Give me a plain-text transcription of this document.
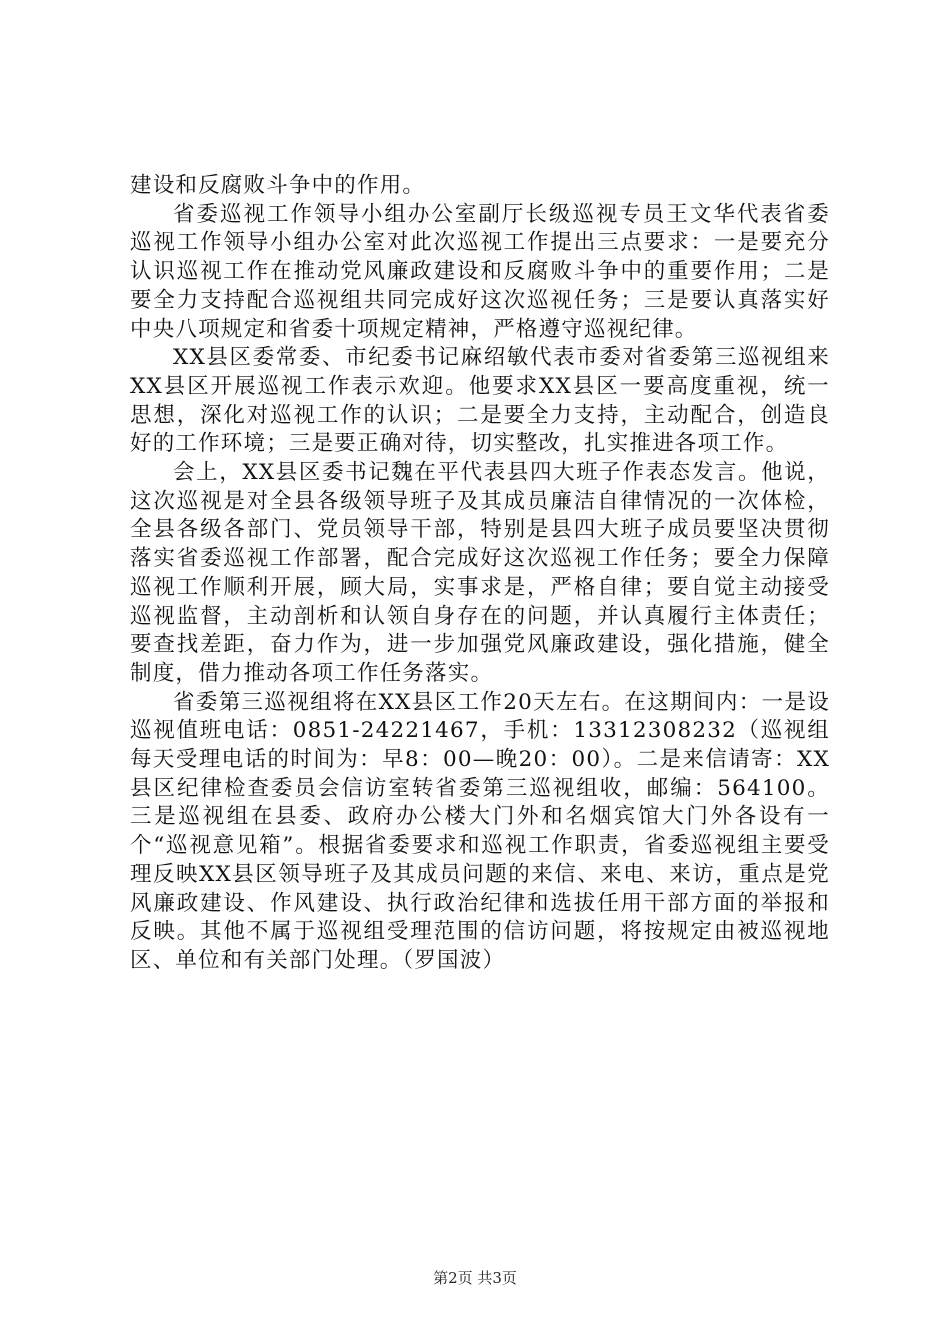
建设和反腐败斗争中的作用。

省委巡视工作领导小组办公室副厅长级巡视专员王文华代表省委巡视工作领导小组办公室对此次巡视工作提出三点要求：一是要充分认识巡视工作在推动党风廉政建设和反腐败斗争中的重要作用；二是要全力支持配合巡视组共同完成好这次巡视任务；三是要认真落实好中央八项规定和省委十项规定精神，严格遵守巡视纪律。

XX县区委常委、市纪委书记麻绍敏代表市委对省委第三巡视组来XX县区开展巡视工作表示欢迎。他要求XX县区一要高度重视，统一思想，深化对巡视工作的认识；二是要全力支持，主动配合，创造良好的工作环境；三是要正确对待，切实整改，扎实推进各项工作。

会上，XX县区委书记魏在平代表县四大班子作表态发言。他说，这次巡视是对全县各级领导班子及其成员廉洁自律情况的一次体检，全县各级各部门、党员领导干部，特别是县四大班子成员要坚决贯彻落实省委巡视工作部署，配合完成好这次巡视工作任务；要全力保障巡视工作顺利开展，顾大局，实事求是，严格自律；要自觉主动接受巡视监督，主动剖析和认领自身存在的问题，并认真履行主体责任；要查找差距，奋力作为，进一步加强党风廉政建设，强化措施，健全制度，借力推动各项工作任务落实。

省委第三巡视组将在XX县区工作20天左右。在这期间内：一是设巡视值班电话：0851-24221467，手机：13312308232（巡视组每天受理电话的时间为：早8：00—晚20：00）。二是来信请寄：XX县区纪律检查委员会信访室转省委第三巡视组收，邮编：564100。三是巡视组在县委、政府办公楼大门外和名烟宾馆大门外各设有一个“巡视意见箱”。根据省委要求和巡视工作职责，省委巡视组主要受理反映XX县区领导班子及其成员问题的来信、来电、来访，重点是党风廉政建设、作风建设、执行政治纪律和选拔任用干部方面的举报和反映。其他不属于巡视组受理范围的信访问题，将按规定由被巡视地区、单位和有关部门处理。（罗国波）

第2页 共3页
